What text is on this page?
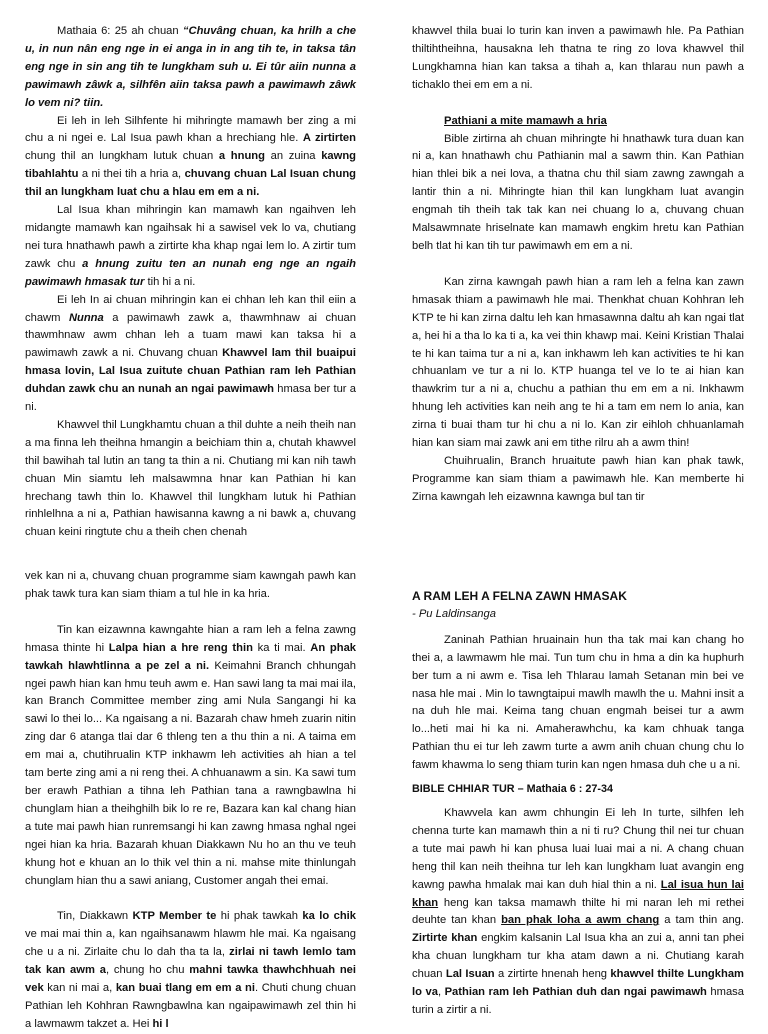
Mathaia 6: 25 ah chuan “Chuvâng chuan, ka hrilh a che u, in nun nân eng nge in ei anga in in ang tih te, in taksa tân eng nge in sin ang tih te lungkham suh u. Ei tûr aiin nunna a pawimawh zâwk a, silhfên aiin taksa pawh a pawimawh zâwk lo vem ni? tiin.

Ei leh in leh Silhfente hi mihringte mamawh ber zing a mi chu a ni ngei e. Lal Isua pawh khan a hrechiang hle. A zirtirten chung thil an lungkham lutuk chuan a hnung an zuina kawng tibahlahtu a ni thei tih a hria a, chuvang chuan Lal Isuan chung thil an lungkham luat chu a hlau em em a ni.

Lal Isua khan mihringin kan mamawh kan ngaihven leh midangte mamawh kan ngaihsak hi a sawisel vek lo va, chutiang nei tura hnathawh pawh a zirtirte kha khap ngai lem lo. A zirtir tum zawk chu a hnung zuitu ten an nunah eng nge an ngaih pawimawh hmasak tur tih hi a ni.

Ei leh In ai chuan mihringin kan ei chhan leh kan thil eiin a chawm Nunna a pawimawh zawk a, thawmhnaw ai chuan thawmhnaw awm chhan leh a tuam mawi kan taksa hi a pawimawh zawk a ni. Chuvang chuan Khawvel lam thil buaipui hmasa lovin, Lal Isua zuitute chuan Pathian ram leh Pathian duhdan zawk chu an nunah an ngai pawimawh hmasa ber tur a ni.

Khawvel thil Lungkhamtu chuan a thil duhte a neih theih nan a ma finna leh theihna hmangin a beichiam thin a, chutah khawvel thil bawihah tal lutin an tang ta thin a ni. Chutiang mi kan nih tawh chuan Min siamtu leh malsawmna hnar kan Pathian hi kan hrechang tawh thin lo. Khawvel thil lungkham lutuk hi Pathian rinhlelhna a ni a, Pathian hawisanna kawng a ni bawk a, chuvang chuan keini ringtute chu a theih chen chenah

khawvel thila buai lo turin kan inven a pawimawh hle. Pa Pathian thiltihtheihna, hausakna leh thatna te ring zo lova khawvel thil Lungkhamna hian kan taksa a tihah a, kan thlarau nun pawh a tichaklo thei em em a ni.

Pathiani a mite mamawh a hria

Bible zirtirna ah chuan mihringte hi hnathawk tura duan kan ni a, kan hnathawh chu Pathianin mal a sawm thin. Kan Pathian hian thlei bik a nei lova, a thatna chu thil siam zawng zawngah a lantir thin a ni. Mihringte hian thil kan lungkham luat avangin engmah tih theih tak tak kan nei chuang lo a, chuvang chuan Malsawmnate hriselnate kan mamawh engkim hretu kan Pathian belh tlat hi kan tih tur pawimawh em em a ni.

Kan zirna kawngah pawh hian a ram leh a felna kan zawn hmasak thiam a pawimawh hle mai. Thenkhat chuan Kohhran leh KTP te hi kan zirna daltu leh kan hmasawnna daltu ah kan ngai tlat a, hei hi a tha lo ka ti a, ka vei thin khawp mai. Keini Kristian Thalai te hi kan taima tur a ni a, kan inkhawm leh kan activities te hi kan chhuanlam ve tur a ni lo. KTP huanga tel ve lo te ai hian kan thawkrim tur a ni a, chuchu a pathian thu em em a ni. Inkhawm hhung leh activities kan neih ang te hi a tam em nem lo ania, kan zirna ti buai tham tur hi chu a ni lo. Kan zir eihloh chhuanlamah hian kan siam mai zawk ani em tithe rilru ah a awm thin!

Chuihrualin, Branch hruaitute pawh hian kan phak tawk, Programme kan siam thiam a pawimawh hle. Kan memberte hi Zirna kawngah leh eizawnna kawnga bul tan tir

vek kan ni a, chuvang chuan programme siam kawngah pawh kan phak tawk tura kan siam thiam a tul hle in ka hria.

Tin kan eizawnna kawngahte hian a ram leh a felna zawng hmasa thinte hi Lalpa hian a hre reng thin ka ti mai. An phak tawkah hlawhtlinna a pe zel a ni. Keimahni Branch chhungah ngei pawh hian kan hmu teuh awm e. Han sawi lang ta mai mai ila, kan Branch Committee member zing ami Nula Sangangi hi ka sawi lo thei lo... Ka ngaisang a ni. Bazarah chaw hmeh zuarin nitin zing dar 6 atanga tlai dar 6 thleng ten a thu thin a ni. A taima em em mai a, chutihrualin KTP inkhawm leh activities ah hian a tel tam berte zing ami a ni reng thei. A chhuanawm a sin. Ka sawi tum ber erawh Pathian a tihna leh Pathian tana a rawngbawlna hi chunglam hian a theihghilh bik lo re re, Bazara kan kal chang hian a tute mai pawh hian runremsangi hi kan zawng hmasa nghal ngei ngei hian ka hria. Bazarah khuan Diakkawn Nu ho an thu ve teuh khung hot e khuan an lo thik vel thin a ni. mahse mite thinlungah chunglam hian thu a sawi aniang, Customer angah thei emai.

Tin, Diakkawn KTP Member te hi phak tawkah ka lo chik ve mai mai thin a, kan ngaihsanawm hlawm hle mai. Ka ngaisang che u a ni. Zirlaite chu lo dah tha ta la, zirlai ni tawh lemlo tam tak kan awm a, chung ho chu mahni tawka thawhchhuah nei vek kan ni mai a, kan buai tlang em em a ni. Chuti chung chuan Pathian leh Kohhran Rawngbawlna kan ngaipawimawh zel thin hi a lawmawm takzet a. Hei hi l

A RAM LEH A FELNA ZAWN HMASAK

- Pu Laldinsanga

Zaninah Pathian hruainain hun tha tak mai kan chang ho thei a, a lawmawm hle mai. Tun tum chu in hma a din ka huphurh ber tum a ni awm e. Tisa leh Thlarau lamah Setanan min bei ve nasa hle mai . Min lo tawngtaipui mawlh mawlh the u. Mahni insit a na duh hle mai. Keima tang chuan engmah beisei tur a awm lo...heti mai hi ka ni. Amaherawhchu, ka kam chhuak tanga Pathian thu ei tur leh zawm turte a awm anih chuan chung chu lo fawm khawma lo seng thiam turin kan ngen hmasa duh che u a ni.

BIBLE CHHIAR TUR – Mathaia 6 : 27-34

Khawvela kan awm chhungin Ei leh In turte, silhfen leh chenna turte kan mamawh thin a ni ti ru? Chung thil nei tur chuan a tute mai pawh hi kan phusa luai luai mai a ni. A chang chuan heng thil kan neih theihna tur leh kan lungkham luat avangin eng kawng pawha hmalak mai kan duh hial thin a ni. Lal isua hun lai khan heng kan taksa mamawh thilte hi mi naran leh mi rethei deuhte tan khan ban phak loha a awm chang a tam thin ang. Zirtirte khan engkim kalsanin Lal Isua kha an zui a, anni tan phei kha chuan lungkham tur kha atam dawn a ni. Chutiang karah chuan Lal Isuan a zirtirte hnenah heng khawvel thilte Lungkham lo va, Pathian ram leh Pathian duh dan ngai pawimawh hmasa turin a zirtir a ni.
